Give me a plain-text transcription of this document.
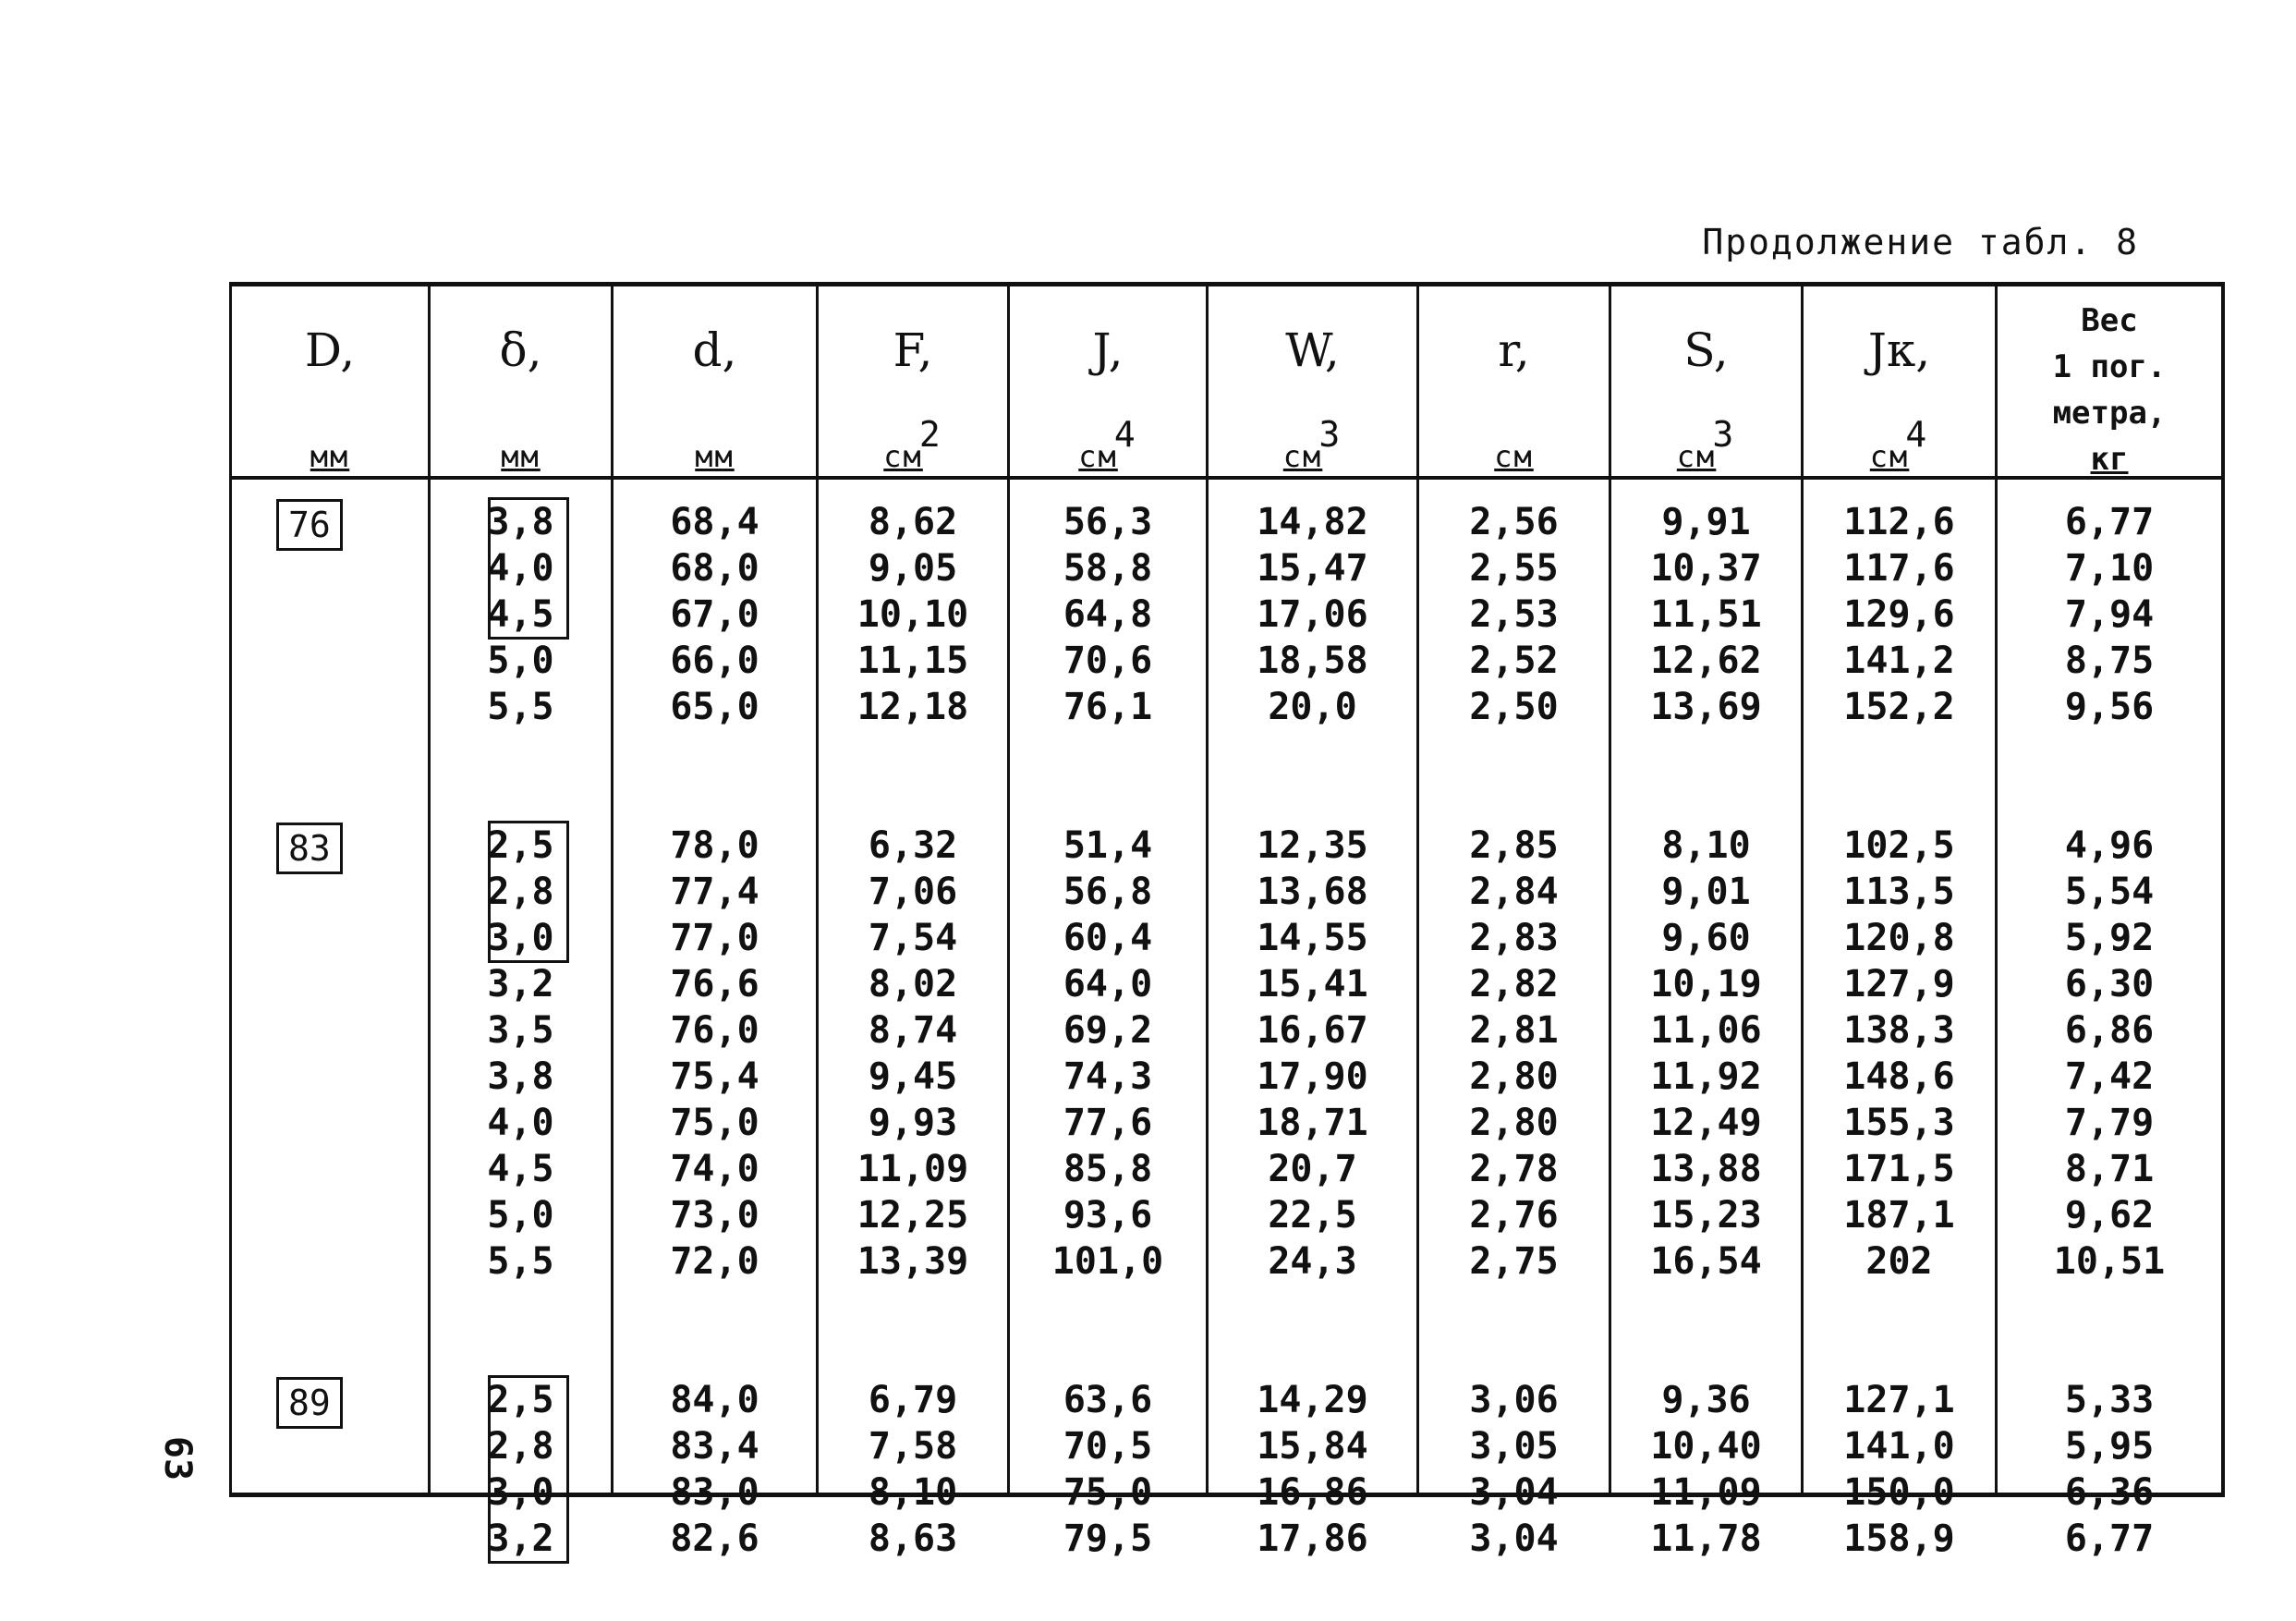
Продолжение табл. 8
63
D,
мм
76
83
89
δ,
мм
3,8
4,0
4,5
5,0
5,5
2,5
2,8
3,0
3,2
3,5
3,8
4,0
4,5
5,0
5,5
2,5
2,8
3,0
3,2
d,
мм
68,4
68,0
67,0
66,0
65,0
78,0
77,4
77,0
76,6
76,0
75,4
75,0
74,0
73,0
72,0
84,0
83,4
83,0
82,6
F,
$см^2$
8,62
9,05
10,10
11,15
12,18
6,32
7,06
7,54
8,02
8,74
9,45
9,93
11,09
12,25
13,39
6,79
7,58
8,10
8,63
J,
$см^4$
56,3
58,8
64,8
70,6
76,1
51,4
56,8
60,4
64,0
69,2
74,3
77,6
85,8
93,6
101,0
63,6
70,5
75,0
79,5
W,
$см^3$
14,82
15,47
17,06
18,58
20,0
12,35
13,68
14,55
15,41
16,67
17,90
18,71
20,7
22,5
24,3
14,29
15,84
16,86
17,86
r,
см
2,56
2,55
2,53
2,52
2,50
2,85
2,84
2,83
2,82
2,81
2,80
2,80
2,78
2,76
2,75
3,06
3,05
3,04
3,04
S,
$см^3$
9,91
10,37
11,51
12,62
13,69
8,10
9,01
9,60
10,19
11,06
11,92
12,49
13,88
15,23
16,54
9,36
10,40
11,09
11,78
Jк,
$см^4$
112,6
117,6
129,6
141,2
152,2
102,5
113,5
120,8
127,9
138,3
148,6
155,3
171,5
187,1
202
127,1
141,0
150,0
158,9
Вес
1 пог.
метра,
кг
6,77
7,10
7,94
8,75
9,56
4,96
5,54
5,92
6,30
6,86
7,42
7,79
8,71
9,62
10,51
5,33
5,95
6,36
6,77
